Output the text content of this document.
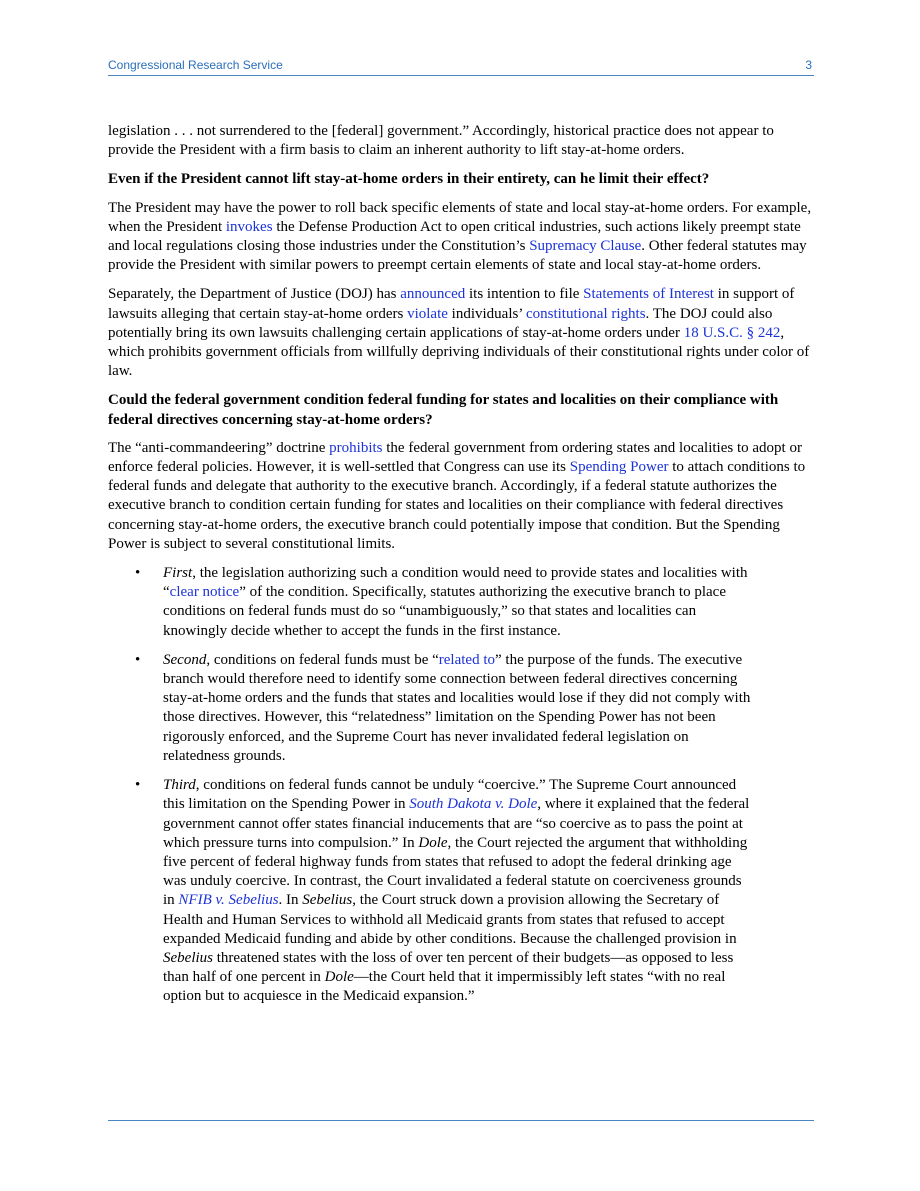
Congressional Research Service	3

legislation . . . not surrendered to the [federal] government.” Accordingly, historical practice does not appear to provide the President with a firm basis to claim an inherent authority to lift stay-at-home orders.

Even if the President cannot lift stay-at-home orders in their entirety, can he limit their effect?

The President may have the power to roll back specific elements of state and local stay-at-home orders. For example, when the President invokes the Defense Production Act to open critical industries, such actions likely preempt state and local regulations closing those industries under the Constitution’s Supremacy Clause. Other federal statutes may provide the President with similar powers to preempt certain elements of state and local stay-at-home orders.

Separately, the Department of Justice (DOJ) has announced its intention to file Statements of Interest in support of lawsuits alleging that certain stay-at-home orders violate individuals’ constitutional rights. The DOJ could also potentially bring its own lawsuits challenging certain applications of stay-at-home orders under 18 U.S.C. § 242, which prohibits government officials from willfully depriving individuals of their constitutional rights under color of law.

Could the federal government condition federal funding for states and localities on their compliance with federal directives concerning stay-at-home orders?

The “anti-commandeering” doctrine prohibits the federal government from ordering states and localities to adopt or enforce federal policies. However, it is well-settled that Congress can use its Spending Power to attach conditions to federal funds and delegate that authority to the executive branch. Accordingly, if a federal statute authorizes the executive branch to condition certain funding for states and localities on their compliance with federal directives concerning stay-at-home orders, the executive branch could potentially impose that condition. But the Spending Power is subject to several constitutional limits.

• First, the legislation authorizing such a condition would need to provide states and localities with “clear notice” of the condition. Specifically, statutes authorizing the executive branch to place conditions on federal funds must do so “unambiguously,” so that states and localities can knowingly decide whether to accept the funds in the first instance.
• Second, conditions on federal funds must be “related to” the purpose of the funds. The executive branch would therefore need to identify some connection between federal directives concerning stay-at-home orders and the funds that states and localities would lose if they did not comply with those directives. However, this “relatedness” limitation on the Spending Power has not been rigorously enforced, and the Supreme Court has never invalidated federal legislation on relatedness grounds.
• Third, conditions on federal funds cannot be unduly “coercive.” The Supreme Court announced this limitation on the Spending Power in South Dakota v. Dole, where it explained that the federal government cannot offer states financial inducements that are “so coercive as to pass the point at which pressure turns into compulsion.” In Dole, the Court rejected the argument that withholding five percent of federal highway funds from states that refused to adopt the federal drinking age was unduly coercive. In contrast, the Court invalidated a federal statute on coerciveness grounds in NFIB v. Sebelius. In Sebelius, the Court struck down a provision allowing the Secretary of Health and Human Services to withhold all Medicaid grants from states that refused to accept expanded Medicaid funding and abide by other conditions. Because the challenged provision in Sebelius threatened states with the loss of over ten percent of their budgets—as opposed to less than half of one percent in Dole—the Court held that it impermissibly left states “with no real option but to acquiesce in the Medicaid expansion.”
